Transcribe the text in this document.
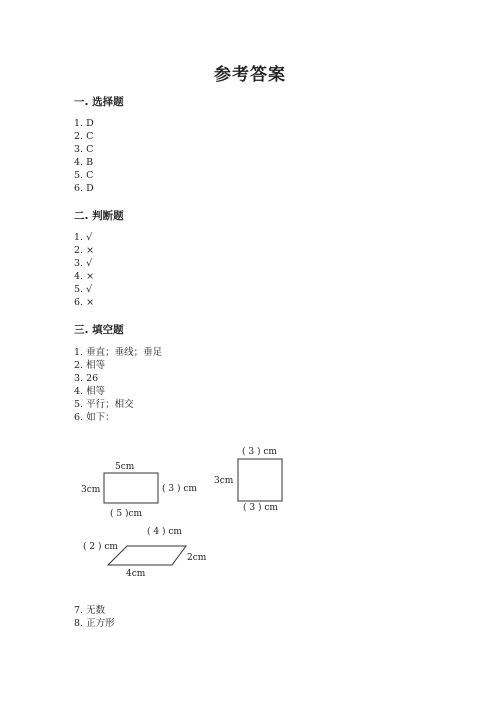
参考答案
一. 选择题
1. D
2. C
3. C
4. B
5. C
6. D
二. 判断题
1. √
2. ×
3. √
4. ×
5. √
6. ×
三. 填空题
1. 垂直；垂线；垂足
2. 相等
3. 26
4. 相等
5. 平行；相交
6. 如下：
5cm
3cm	( 3 ) cm
( 5 )cm
( 3 ) cm
3cm
( 3 ) cm
( 4 ) cm
( 2 ) cm
2cm
4cm
7. 无数
8. 正方形
